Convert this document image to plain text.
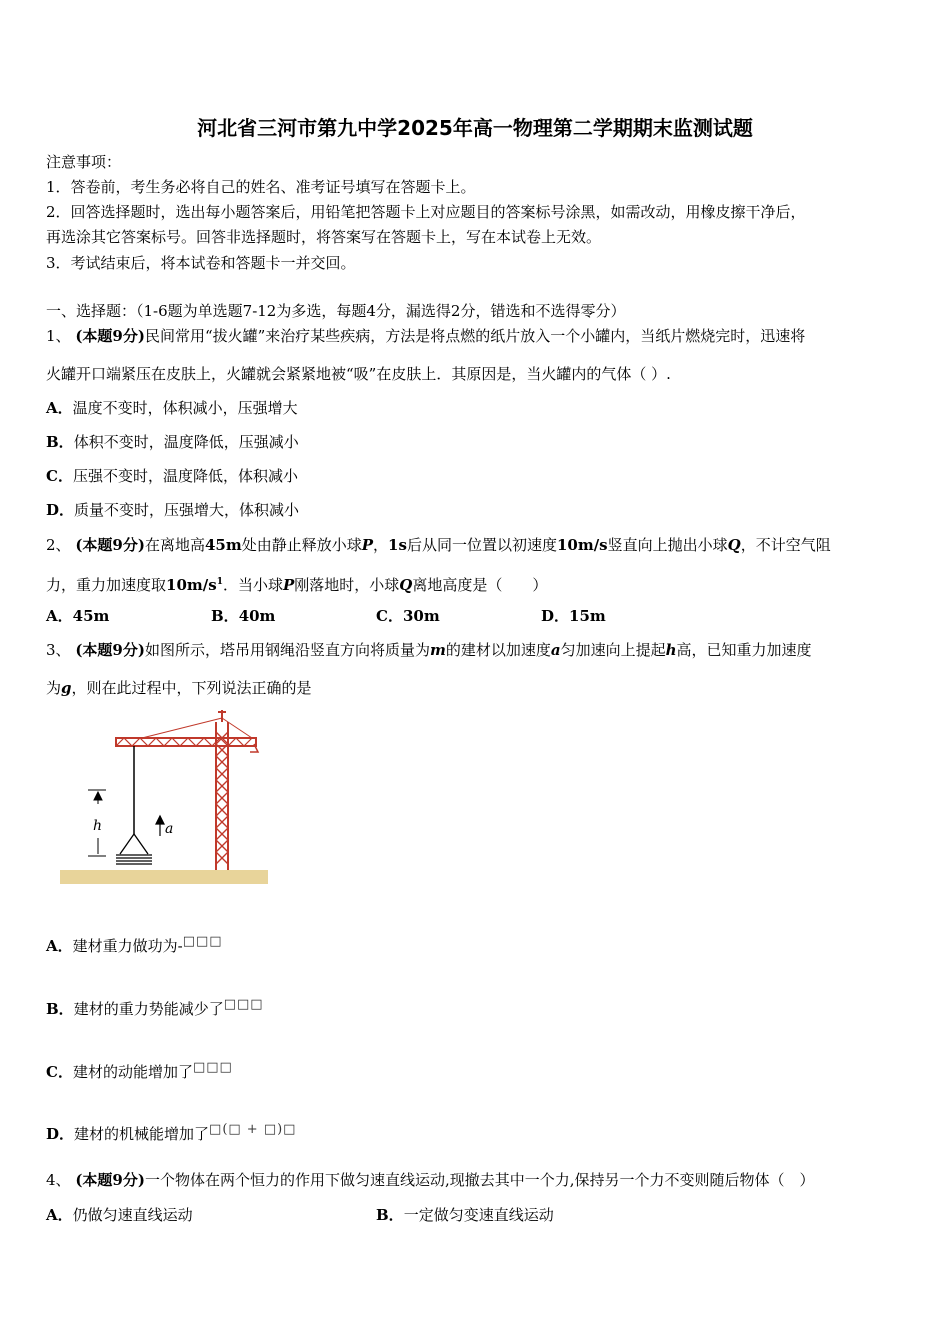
河北省三河市第九中学2025年高一物理第二学期期末监测试题
注意事项：
1．答卷前，考生务必将自己的姓名、准考证号填写在答题卡上。
2．回答选择题时，选出每小题答案后，用铅笔把答题卡上对应题目的答案标号涂黑，如需改动，用橡皮擦干净后，
再选涂其它答案标号。回答非选择题时，将答案写在答题卡上，写在本试卷上无效。
3．考试结束后，将本试卷和答题卡一并交回。
一、选择题：（1-6题为单选题7-12为多选，每题4分，漏选得2分，错选和不选得零分）
1、 (本题9分)民间常用“拔火罐”来治疗某些疾病，方法是将点燃的纸片放入一个小罐内，当纸片燃烧完时，迅速将
火罐开口端紧压在皮肤上，火罐就会紧紧地被“吸”在皮肤上．其原因是，当火罐内的气体（ ）.
A．温度不变时，体积减小，压强增大
B．体积不变时，温度降低，压强减小
C．压强不变时，温度降低，体积减小
D．质量不变时，压强增大，体积减小
2、 (本题9分)在离地高45m处由静止释放小球P，1s后从同一位置以初速度10m/s竖直向上抛出小球Q，不计空气阻
力，重力加速度取$10m/s^1$．当小球P刚落地时，小球Q离地高度是（　　）
A．45m	B．40m	C．30m	D．15m
3、 (本题9分)如图所示，塔吊用钢绳沿竖直方向将质量为m的建材以加速度a匀加速向上提起h高，已知重力加速度
为g，则在此过程中，下列说法正确的是
h	a
A．建材重力做功为-□□□
B．建材的重力势能减少了□□□
C．建材的动能增加了□□□
D．建材的机械能增加了□(□ + □)□
4、 (本题9分)一个物体在两个恒力的作用下做匀速直线运动,现撤去其中一个力,保持另一个力不变则随后物体（　）
A．仍做匀速直线运动	B．一定做匀变速直线运动
